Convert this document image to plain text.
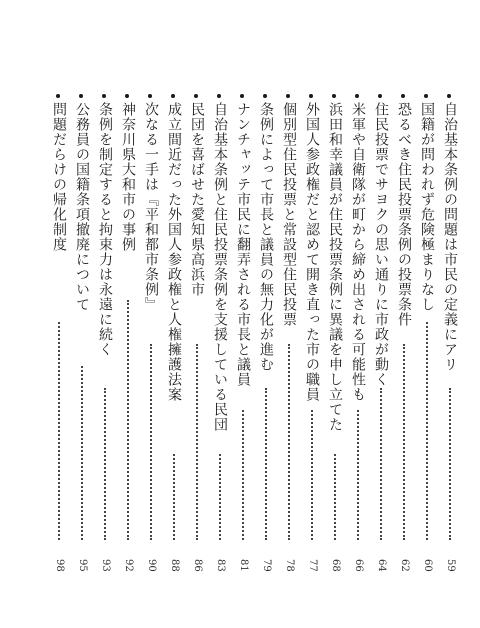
自治基本条例の問題は市民の定義にアリ
59
国籍が問われず危険極まりなし
60
恐るべき住民投票条例の投票条件
62
住民投票でサヨクの思い通りに市政が動く
64
米軍や自衛隊が町から締め出される可能性も
66
浜田和幸議員が住民投票条例に異議を申し立てた
68
外国人参政権だと認めて開き直った市の職員
77
個別型住民投票と常設型住民投票
78
条例によって市長と議員の無力化が進む
79
ナンチャッテ市民に翻弄される市長と議員
81
自治基本条例と住民投票条例を支援している民団
83
民団を喜ばせた愛知県高浜市
86
成立間近だった外国人参政権と人権擁護法案
88
次なる一手は『平和都市条例』
90
神奈川県大和市の事例
92
条例を制定すると拘束力は永遠に続く
93
公務員の国籍条項撤廃について
95
問題だらけの帰化制度
98
